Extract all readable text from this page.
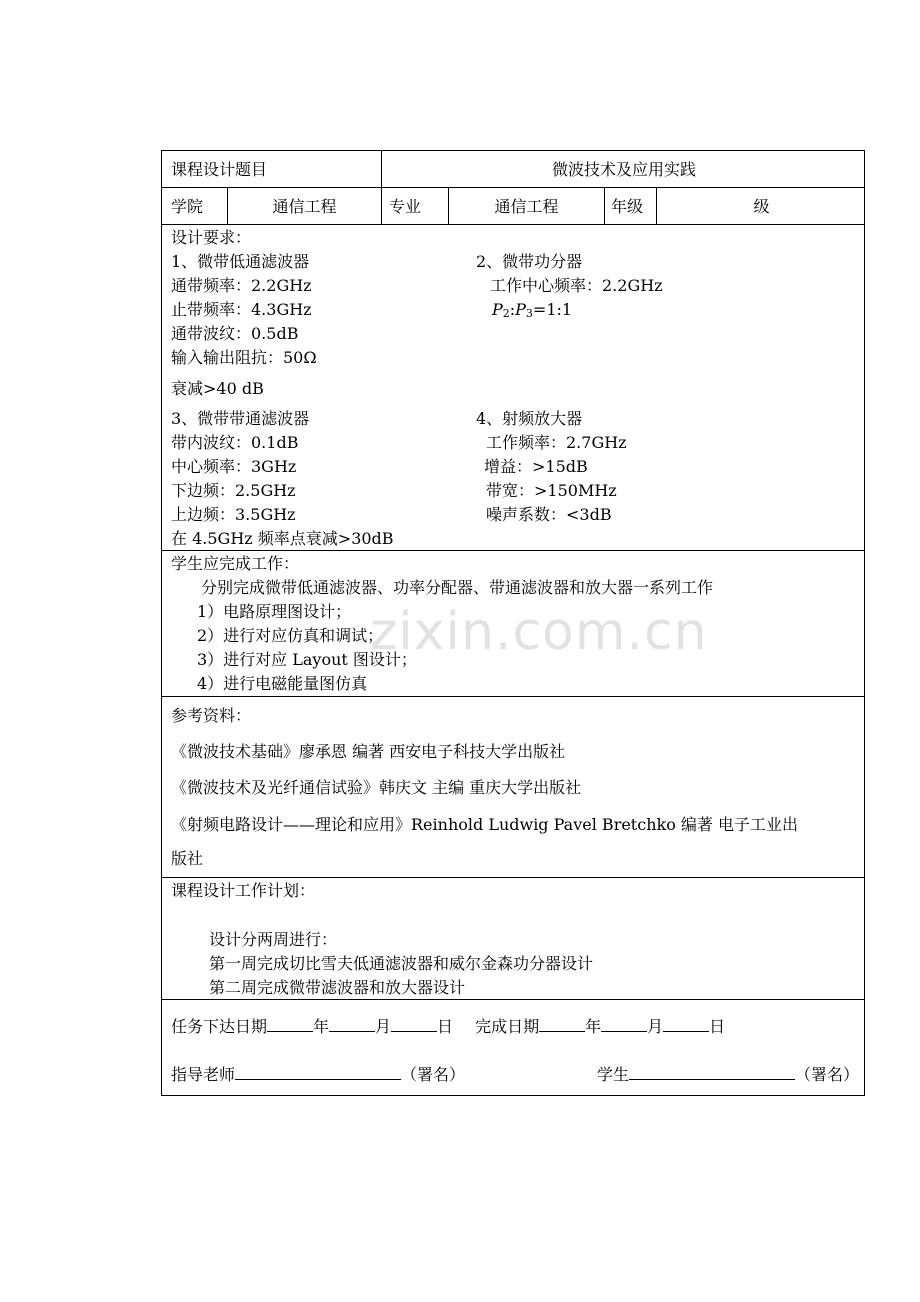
zixin.com.cn
课程设计题目	微波技术及应用实践
学院	通信工程	专业	通信工程	年级	级
设计要求：
1、微带低通滤波器
通带频率：2.2GHz
止带频率：4.3GHz
通带波纹：0.5dB
输入输出阻抗：50Ω
衰减>40 dB
2、微带功分器
工作中心频率：2.2GHz
$P_2:P_3=1:1$
3、微带带通滤波器
带内波纹：0.1dB
中心频率：3GHz
下边频：2.5GHz
上边频：3.5GHz
在 4.5GHz 频率点衰减>30dB
4、射频放大器
工作频率：2.7GHz
增益：>15dB
带宽：>150MHz
噪声系数：<3dB
学生应完成工作：
分别完成微带低通滤波器、功率分配器、带通滤波器和放大器一系列工作
1）电路原理图设计；
2）进行对应仿真和调试；
3）进行对应 Layout 图设计；
4）进行电磁能量图仿真
参考资料：
《微波技术基础》廖承恩 编著 西安电子科技大学出版社
《微波技术及光纤通信试验》韩庆文 主编 重庆大学出版社
《射频电路设计——理论和应用》Reinhold Ludwig Pavel Bretchko 编著 电子工业出
版社
课程设计工作计划：
设计分两周进行：
第一周完成切比雪夫低通滤波器和威尔金森功分器设计
第二周完成微带滤波器和放大器设计
任务下达日期	年	月	日 完成日期	年	月	日
指导老师	（署名）	学生	（署名）
